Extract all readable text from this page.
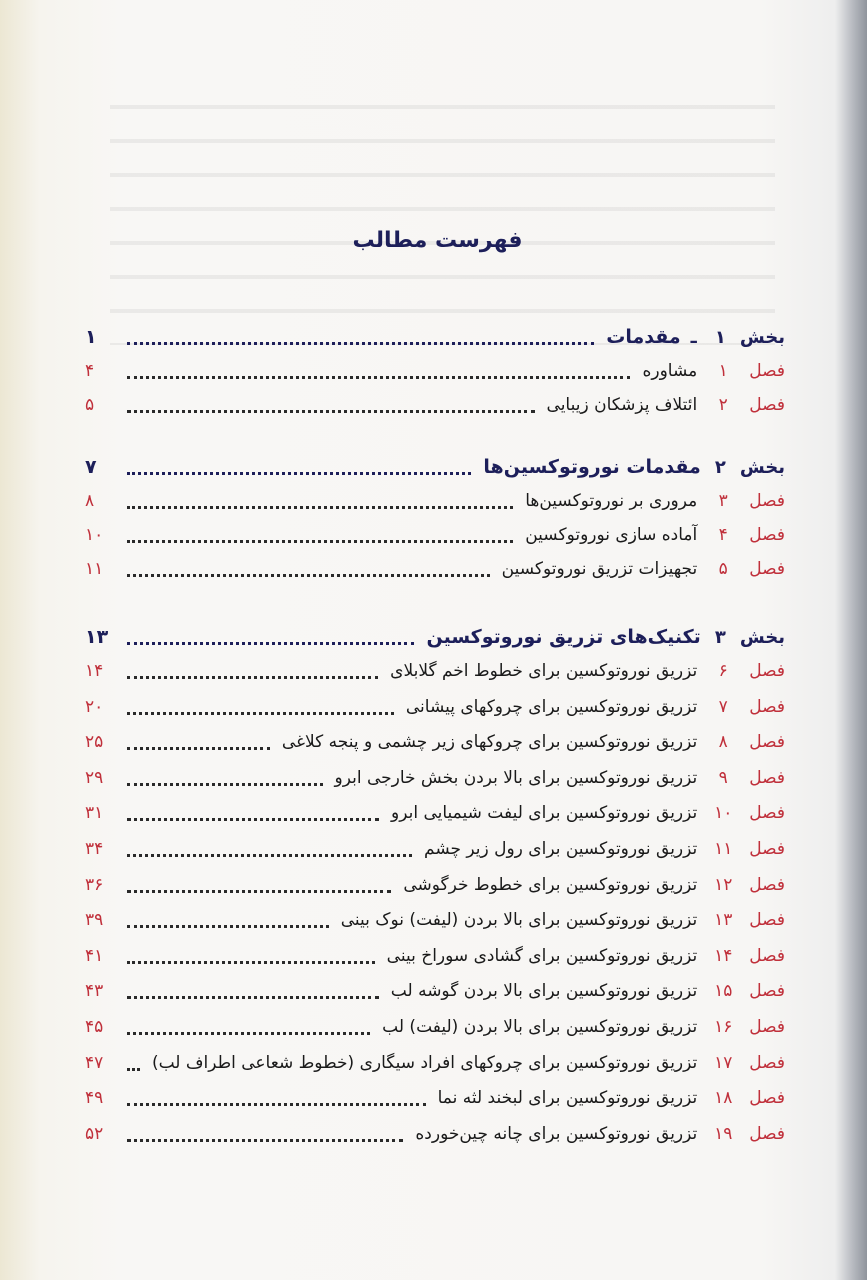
فهرست مطالب
بخش
۱
ـ
مقدمات
۱
فصل
۱
مشاوره
۴
فصل
۲
ائتلاف پزشکان زیبایی
۵
بخش
۲
مقدمات نوروتوکسین‌ها
۷
فصل
۳
مروری بر نوروتوکسین‌ها
۸
فصل
۴
آماده سازی نوروتوکسین
۱۰
فصل
۵
تجهیزات تزریق نوروتوکسین
۱۱
بخش
۳
تکنیک‌های تزریق نوروتوکسین
۱۳
فصل
۶
تزریق نوروتوکسین برای خطوط اخم گلابلای
۱۴
فصل
۷
تزریق نوروتوکسین برای چروکهای پیشانی
۲۰
فصل
۸
تزریق نوروتوکسین برای چروکهای زیر چشمی و پنجه کلاغی
۲۵
فصل
۹
تزریق نوروتوکسین برای بالا بردن بخش خارجی ابرو
۲۹
فصل
۱۰
تزریق نوروتوکسین برای لیفت شیمیایی ابرو
۳۱
فصل
۱۱
تزریق نوروتوکسین برای رول زیر چشم
۳۴
فصل
۱۲
تزریق نوروتوکسین برای خطوط خرگوشی
۳۶
فصل
۱۳
تزریق نوروتوکسین برای بالا بردن (لیفت) نوک بینی
۳۹
فصل
۱۴
تزریق نوروتوکسین برای گشادی سوراخ بینی
۴۱
فصل
۱۵
تزریق نوروتوکسین برای بالا بردن گوشه لب
۴۳
فصل
۱۶
تزریق نوروتوکسین برای بالا بردن (لیفت) لب
۴۵
فصل
۱۷
تزریق نوروتوکسین برای چروکهای افراد سیگاری (خطوط شعاعی اطراف لب)
۴۷
فصل
۱۸
تزریق نوروتوکسین برای لبخند لثه نما
۴۹
فصل
۱۹
تزریق نوروتوکسین برای چانه چین‌خورده
۵۲
